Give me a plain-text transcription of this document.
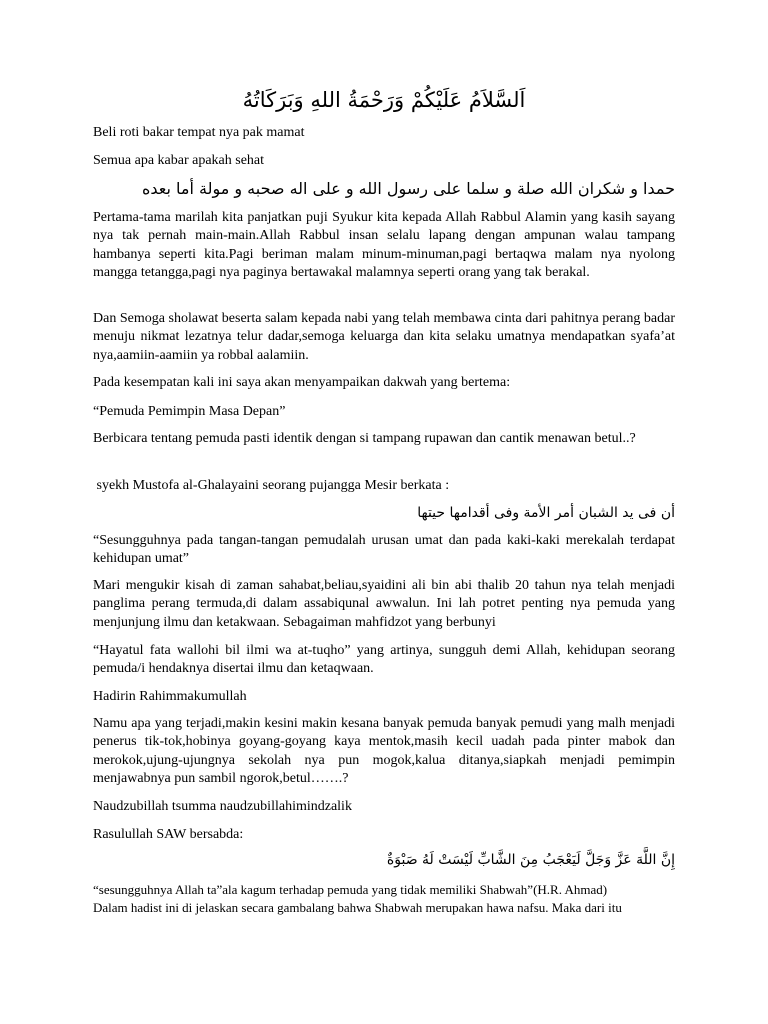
اَلسَّلاَمُ عَلَيْكُمْ وَرَحْمَةُ اللهِ وَبَرَكَاتُهُ
Beli roti bakar tempat nya pak mamat
Semua apa kabar apakah sehat
حمدا و شكران الله صلة و سلما على رسول الله و على اله صحبه و مولة أما بعده
Pertama-tama marilah kita panjatkan puji Syukur kita kepada Allah Rabbul Alamin yang kasih sayang nya tak pernah main-main.Allah Rabbul insan selalu lapang dengan ampunan walau tampang hambanya seperti kita.Pagi beriman malam minum-minuman,pagi bertaqwa malam nya nyolong mangga tetangga,pagi nya paginya bertawakal malamnya seperti orang yang tak berakal.
Dan Semoga sholawat beserta salam kepada nabi yang telah membawa cinta dari pahitnya perang badar menuju nikmat lezatnya telur dadar,semoga keluarga dan kita selaku umatnya mendapatkan syafa’at nya,aamiin-aamiin ya robbal aalamiin.
Pada kesempatan kali ini saya akan menyampaikan dakwah yang bertema:
“Pemuda Pemimpin Masa Depan”
Berbicara tentang pemuda pasti identik dengan si tampang rupawan dan cantik menawan betul..?
syekh Mustofa al-Ghalayaini seorang pujangga Mesir berkata :
أن فى يد الشبان أمر الأمة وفى أقدامها حيتها
“Sesungguhnya pada tangan-tangan pemudalah urusan umat dan pada kaki-kaki merekalah terdapat kehidupan umat”
Mari mengukir kisah di zaman sahabat,beliau,syaidini ali bin abi thalib 20 tahun nya telah menjadi panglima perang termuda,di dalam assabiqunal awwalun. Ini lah potret penting nya pemuda yang menjunjung ilmu dan ketakwaan. Sebagaiman mahfidzot yang berbunyi
“Hayatul fata wallohi bil ilmi wa at-tuqho” yang artinya, sungguh demi Allah, kehidupan seorang pemuda/i hendaknya disertai ilmu dan ketaqwaan.
Hadirin Rahimmakumullah
Namu apa yang terjadi,makin kesini makin kesana banyak pemuda banyak pemudi yang malh menjadi penerus tik-tok,hobinya goyang-goyang kaya mentok,masih kecil uadah pada pinter mabok dan merokok,ujung-ujungnya sekolah nya pun mogok,kalua ditanya,siapkah menjadi pemimpin menjawabnya pun sambil ngorok,betul…….?
Naudzubillah tsumma naudzubillahimindzalik
Rasulullah SAW bersabda:
إِنَّ اللَّهَ عَزَّ وَجَلَّ لَيَعْجَبُ مِنَ الشَّابِّ لَيْسَتْ لَهُ صَبْوَةٌ
“sesungguhnya Allah ta”ala kagum terhadap pemuda yang tidak memiliki Shabwah”(H.R. Ahmad)
Dalam hadist ini di jelaskan secara gambalang bahwa Shabwah merupakan hawa nafsu. Maka dari itu
